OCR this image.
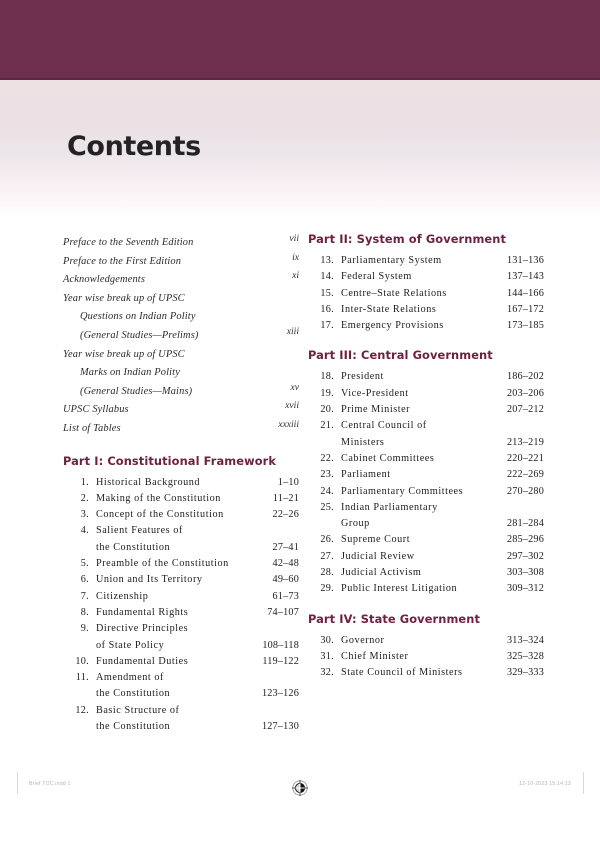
Contents
Preface to the Seventh Edition	vii
Preface to the First Edition	ix
Acknowledgements	xi
Year wise break up of UPSC
Questions on Indian Polity
(General Studies—Prelims)	xiii
Year wise break up of UPSC
Marks on Indian Polity
(General Studies—Mains)	xv
UPSC Syllabus	xvii
List of Tables	xxxiii
Part I: Constitutional Framework
1. Historical Background	1–10
2. Making of the Constitution	11–21
3. Concept of the Constitution	22–26
4. Salient Features of
the Constitution	27–41
5. Preamble of the Constitution	42–48
6. Union and Its Territory	49–60
7. Citizenship	61–73
8. Fundamental Rights	74–107
9. Directive Principles
of State Policy	108–118
10. Fundamental Duties	119–122
11. Amendment of
the Constitution	123–126
12. Basic Structure of
the Constitution	127–130
Part II: System of Government
13. Parliamentary System	131–136
14. Federal System	137–143
15. Centre–State Relations	144–166
16. Inter-State Relations	167–172
17. Emergency Provisions	173–185
Part III: Central Government
18. President	186–202
19. Vice-President	203–206
20. Prime Minister	207–212
21. Central Council of
Ministers	213–219
22. Cabinet Committees	220–221
23. Parliament	222–269
24. Parliamentary Committees	270–280
25. Indian Parliamentary
Group	281–284
26. Supreme Court	285–296
27. Judicial Review	297–302
28. Judicial Activism	303–308
29. Public Interest Litigation	309–312
Part IV: State Government
30. Governor	313–324
31. Chief Minister	325–328
32. State Council of Ministers	329–333
Brief TOC.indd 1	12-10-2023 15:14:13
